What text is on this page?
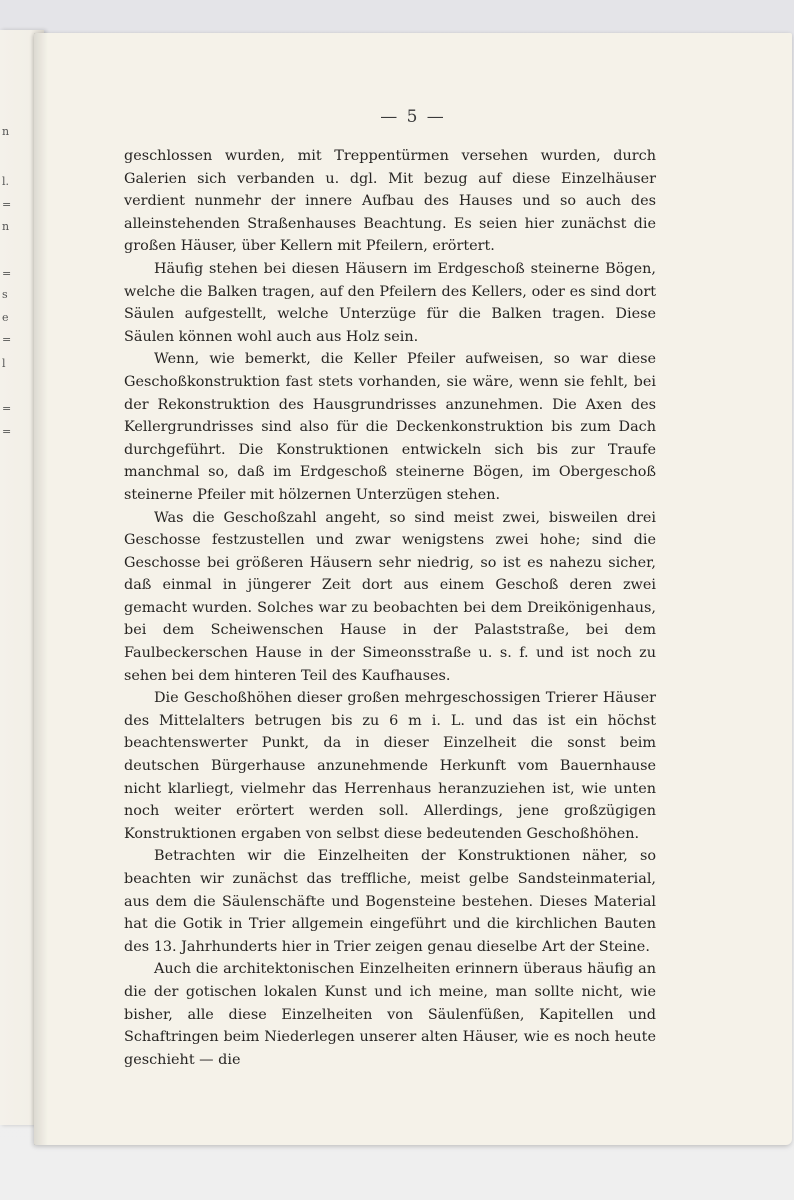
n
l.
=
n
=
s
e
=
l
=
=
— 5 —

geschlossen wurden, mit Treppentürmen versehen wurden, durch Galerien sich verbanden u. dgl. Mit bezug auf diese Einzelhäuser verdient nunmehr der innere Aufbau des Hauses und so auch des alleinstehenden Straßenhauses Beachtung. Es seien hier zunächst die großen Häuser, über Kellern mit Pfeilern, erörtert.

Häufig stehen bei diesen Häusern im Erdgeschoß steinerne Bögen, welche die Balken tragen, auf den Pfeilern des Kellers, oder es sind dort Säulen aufgestellt, welche Unterzüge für die Balken tragen. Diese Säulen können wohl auch aus Holz sein.

Wenn, wie bemerkt, die Keller Pfeiler aufweisen, so war diese Geschoßkonstruktion fast stets vorhanden, sie wäre, wenn sie fehlt, bei der Rekonstruktion des Hausgrundrisses anzunehmen. Die Axen des Kellergrundrisses sind also für die Deckenkonstruktion bis zum Dach durchgeführt. Die Konstruktionen entwickeln sich bis zur Traufe manchmal so, daß im Erdgeschoß steinerne Bögen, im Obergeschoß steinerne Pfeiler mit hölzernen Unterzügen stehen.

Was die Geschoßzahl angeht, so sind meist zwei, bisweilen drei Geschosse festzustellen und zwar wenigstens zwei hohe; sind die Geschosse bei größeren Häusern sehr niedrig, so ist es nahezu sicher, daß einmal in jüngerer Zeit dort aus einem Geschoß deren zwei gemacht wurden. Solches war zu beobachten bei dem Dreikönigenhaus, bei dem Scheiwenschen Hause in der Palaststraße, bei dem Faulbeckerschen Hause in der Simeonsstraße u. s. f. und ist noch zu sehen bei dem hinteren Teil des Kaufhauses.

Die Geschoßhöhen dieser großen mehrgeschossigen Trierer Häuser des Mittelalters betrugen bis zu 6 m i. L. und das ist ein höchst beachtenswerter Punkt, da in dieser Einzelheit die sonst beim deutschen Bürgerhause anzunehmende Herkunft vom Bauernhause nicht klarliegt, vielmehr das Herrenhaus heranzuziehen ist, wie unten noch weiter erörtert werden soll. Allerdings, jene großzügigen Konstruktionen ergaben von selbst diese bedeutenden Geschoßhöhen.

Betrachten wir die Einzelheiten der Konstruktionen näher, so beachten wir zunächst das treffliche, meist gelbe Sandsteinmaterial, aus dem die Säulenschäfte und Bogensteine bestehen. Dieses Material hat die Gotik in Trier allgemein eingeführt und die kirchlichen Bauten des 13. Jahrhunderts hier in Trier zeigen genau dieselbe Art der Steine.

Auch die architektonischen Einzelheiten erinnern überaus häufig an die der gotischen lokalen Kunst und ich meine, man sollte nicht, wie bisher, alle diese Einzelheiten von Säulenfüßen, Kapitellen und Schaftringen beim Niederlegen unserer alten Häuser, wie es noch heute geschieht — die
